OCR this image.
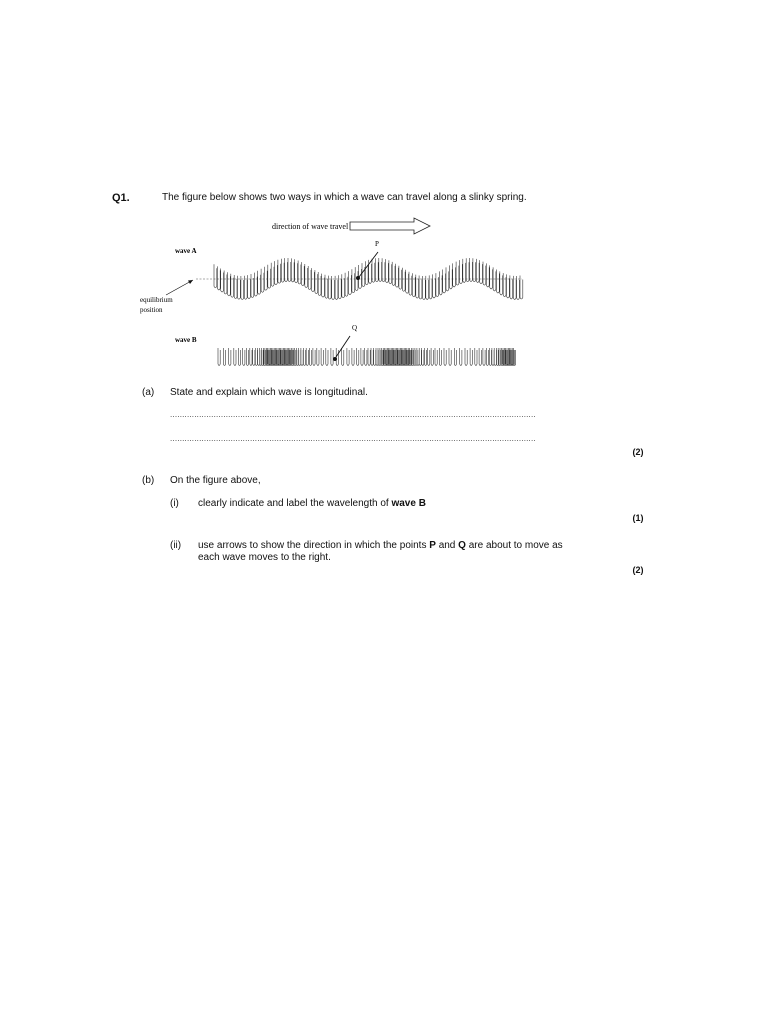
Q1.	The figure below shows two ways in which a wave can travel along a slinky spring.
direction of wave travel
wave A
P
equilibrium
position
Q
wave B
(a) State and explain which wave is longitudinal.
.....
.....
(2)
(b) On the figure above,
(i) clearly indicate and label the wavelength of wave B
(1)
(ii) use arrows to show the direction in which the points P and Q are about to move as
each wave moves to the right.
(2)
